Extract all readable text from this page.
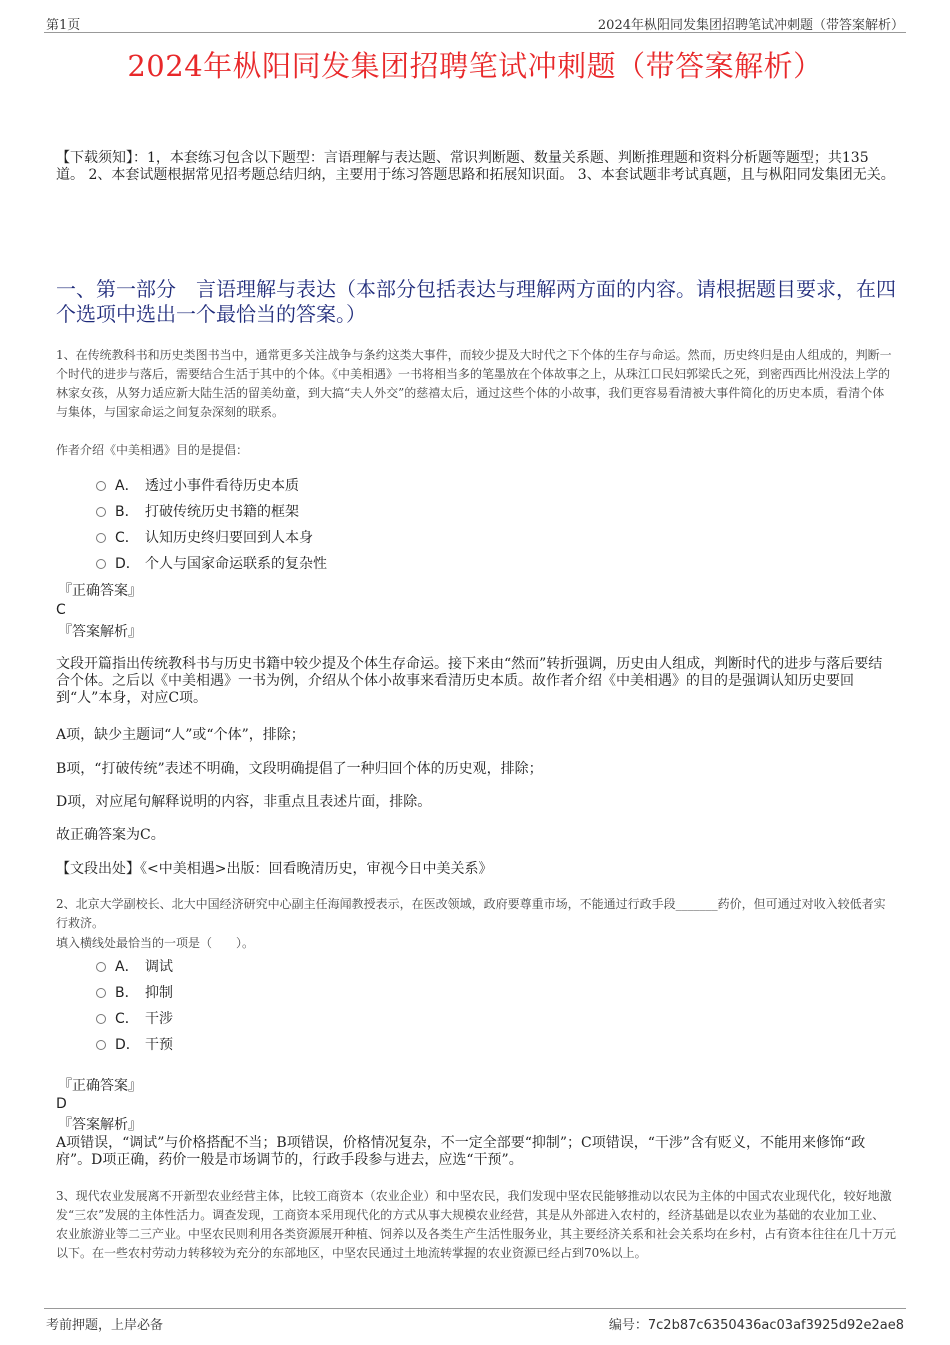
第1页	2024年枞阳同发集团招聘笔试冲刺题（带答案解析）
2024年枞阳同发集团招聘笔试冲刺题（带答案解析）
【下载须知】：1，本套练习包含以下题型：言语理解与表达题、常识判断题、数量关系题、判断推理题和资料分析题等题型；共135道。 2、本套试题根据常见招考题总结归纳，主要用于练习答题思路和拓展知识面。 3、本套试题非考试真题，且与枞阳同发集团无关。
一、第一部分　言语理解与表达（本部分包括表达与理解两方面的内容。请根据题目要求，在四个选项中选出一个最恰当的答案。）
1、在传统教科书和历史类图书当中，通常更多关注战争与条约这类大事件，而较少提及大时代之下个体的生存与命运。然而，历史终归是由人组成的，判断一个时代的进步与落后，需要结合生活于其中的个体。《中美相遇》一书将相当多的笔墨放在个体故事之上，从珠江口民妇郭梁氏之死，到密西西比州没法上学的林家女孩，从努力适应新大陆生活的留美幼童，到大搞“夫人外交”的慈禧太后，通过这些个体的小故事，我们更容易看清被大事件简化的历史本质，看清个体与集体，与国家命运之间复杂深刻的联系。
作者介绍《中美相遇》目的是提倡：
A． 透过小事件看待历史本质
B． 打破传统历史书籍的框架
C． 认知历史终归要回到人本身
D． 个人与国家命运联系的复杂性
『正确答案』
C
『答案解析』
文段开篇指出传统教科书与历史书籍中较少提及个体生存命运。接下来由“然而”转折强调，历史由人组成，判断时代的进步与落后要结合个体。之后以《中美相遇》一书为例，介绍从个体小故事来看清历史本质。故作者介绍《中美相遇》的目的是强调认知历史要回到“人”本身，对应C项。
A项，缺少主题词“人”或“个体”，排除；
B项，“打破传统”表述不明确，文段明确提倡了一种归回个体的历史观，排除；
D项，对应尾句解释说明的内容，非重点且表述片面，排除。
故正确答案为C。
【文段出处】《<中美相遇>出版：回看晚清历史，审视今日中美关系》
2、北京大学副校长、北大中国经济研究中心副主任海闻教授表示，在医改领域，政府要尊重市场，不能通过行政手段_______药价，但可通过对收入较低者实行救济。
填入横线处最恰当的一项是（　　）。
A． 调试
B． 抑制
C． 干涉
D． 干预
『正确答案』
D
『答案解析』
A项错误，“调试”与价格搭配不当；B项错误，价格情况复杂，不一定全部要“抑制”；C项错误，“干涉”含有贬义，不能用来修饰“政府”。D项正确，药价一般是市场调节的，行政手段参与进去，应选“干预”。
3、现代农业发展离不开新型农业经营主体，比较工商资本（农业企业）和中坚农民，我们发现中坚农民能够推动以农民为主体的中国式农业现代化，较好地激发“三农”发展的主体性活力。调查发现，工商资本采用现代化的方式从事大规模农业经营，其是从外部进入农村的，经济基础是以农业为基础的农业加工业、农业旅游业等二三产业。中坚农民则利用各类资源展开种植、饲养以及各类生产生活性服务业，其主要经济关系和社会关系均在乡村，占有资本往往在几十万元以下。在一些农村劳动力转移较为充分的东部地区，中坚农民通过土地流转掌握的农业资源已经占到70%以上。
考前押题，上岸必备	编号：7c2b87c6350436ac03af3925d92e2ae8
